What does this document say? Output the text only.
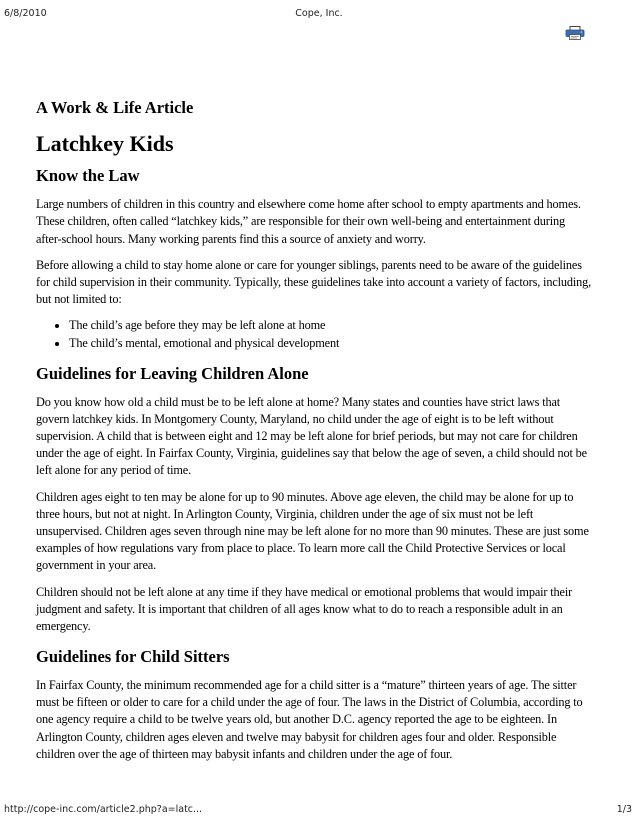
6/8/2010	Cope, Inc.
A Work & Life Article
Latchkey Kids
Know the Law

Large numbers of children in this country and elsewhere come home after school to empty apartments and homes. These children, often called “latchkey kids,” are responsible for their own well-being and entertainment during after-school hours. Many working parents find this a source of anxiety and worry.

Before allowing a child to stay home alone or care for younger siblings, parents need to be aware of the guidelines for child supervision in their community. Typically, these guidelines take into account a variety of factors, including, but not limited to:

• The child’s age before they may be left alone at home
• The child’s mental, emotional and physical development
Guidelines for Leaving Children Alone

Do you know how old a child must be to be left alone at home? Many states and counties have strict laws that govern latchkey kids. In Montgomery County, Maryland, no child under the age of eight is to be left without supervision. A child that is between eight and 12 may be left alone for brief periods, but may not care for children under the age of eight. In Fairfax County, Virginia, guidelines say that below the age of seven, a child should not be left alone for any period of time.

Children ages eight to ten may be alone for up to 90 minutes. Above age eleven, the child may be alone for up to three hours, but not at night. In Arlington County, Virginia, children under the age of six must not be left unsupervised. Children ages seven through nine may be left alone for no more than 90 minutes. These are just some examples of how regulations vary from place to place. To learn more call the Child Protective Services or local government in your area.

Children should not be left alone at any time if they have medical or emotional problems that would impair their judgment and safety. It is important that children of all ages know what to do to reach a responsible adult in an emergency.

Guidelines for Child Sitters

In Fairfax County, the minimum recommended age for a child sitter is a “mature” thirteen years of age. The sitter must be fifteen or older to care for a child under the age of four. The laws in the District of Columbia, according to one agency require a child to be twelve years old, but another D.C. agency reported the age to be eighteen. In Arlington County, children ages eleven and twelve may babysit for children ages four and older. Responsible children over the age of thirteen may babysit infants and children under the age of four.

http://cope-inc.com/article2.php?a=latc...	1/3
